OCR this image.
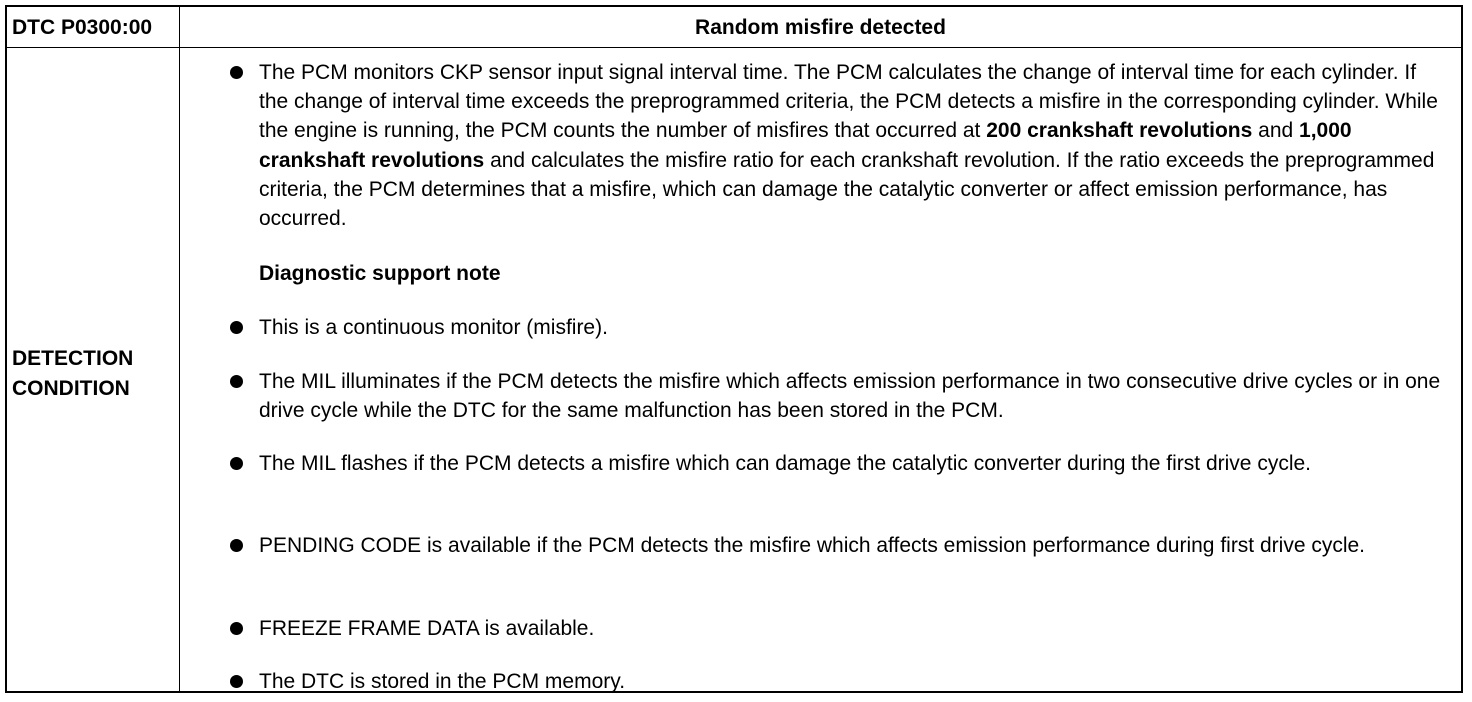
DTC P0300:00	Random misfire detected
DETECTION
CONDITION
The PCM monitors CKP sensor input signal interval time. The PCM calculates the change of interval time for each cylinder. If the change of interval time exceeds the preprogrammed criteria, the PCM detects a misfire in the corresponding cylinder. While the engine is running, the PCM counts the number of misfires that occurred at 200 crankshaft revolutions and 1,000 crankshaft revolutions and calculates the misfire ratio for each crankshaft revolution. If the ratio exceeds the preprogrammed criteria, the PCM determines that a misfire, which can damage the catalytic converter or affect emission performance, has occurred.
Diagnostic support note
This is a continuous monitor (misfire).
The MIL illuminates if the PCM detects the misfire which affects emission performance in two consecutive drive cycles or in one drive cycle while the DTC for the same malfunction has been stored in the PCM.
The MIL flashes if the PCM detects a misfire which can damage the catalytic converter during the first drive cycle.
PENDING CODE is available if the PCM detects the misfire which affects emission performance during first drive cycle.
FREEZE FRAME DATA is available.
The DTC is stored in the PCM memory.
